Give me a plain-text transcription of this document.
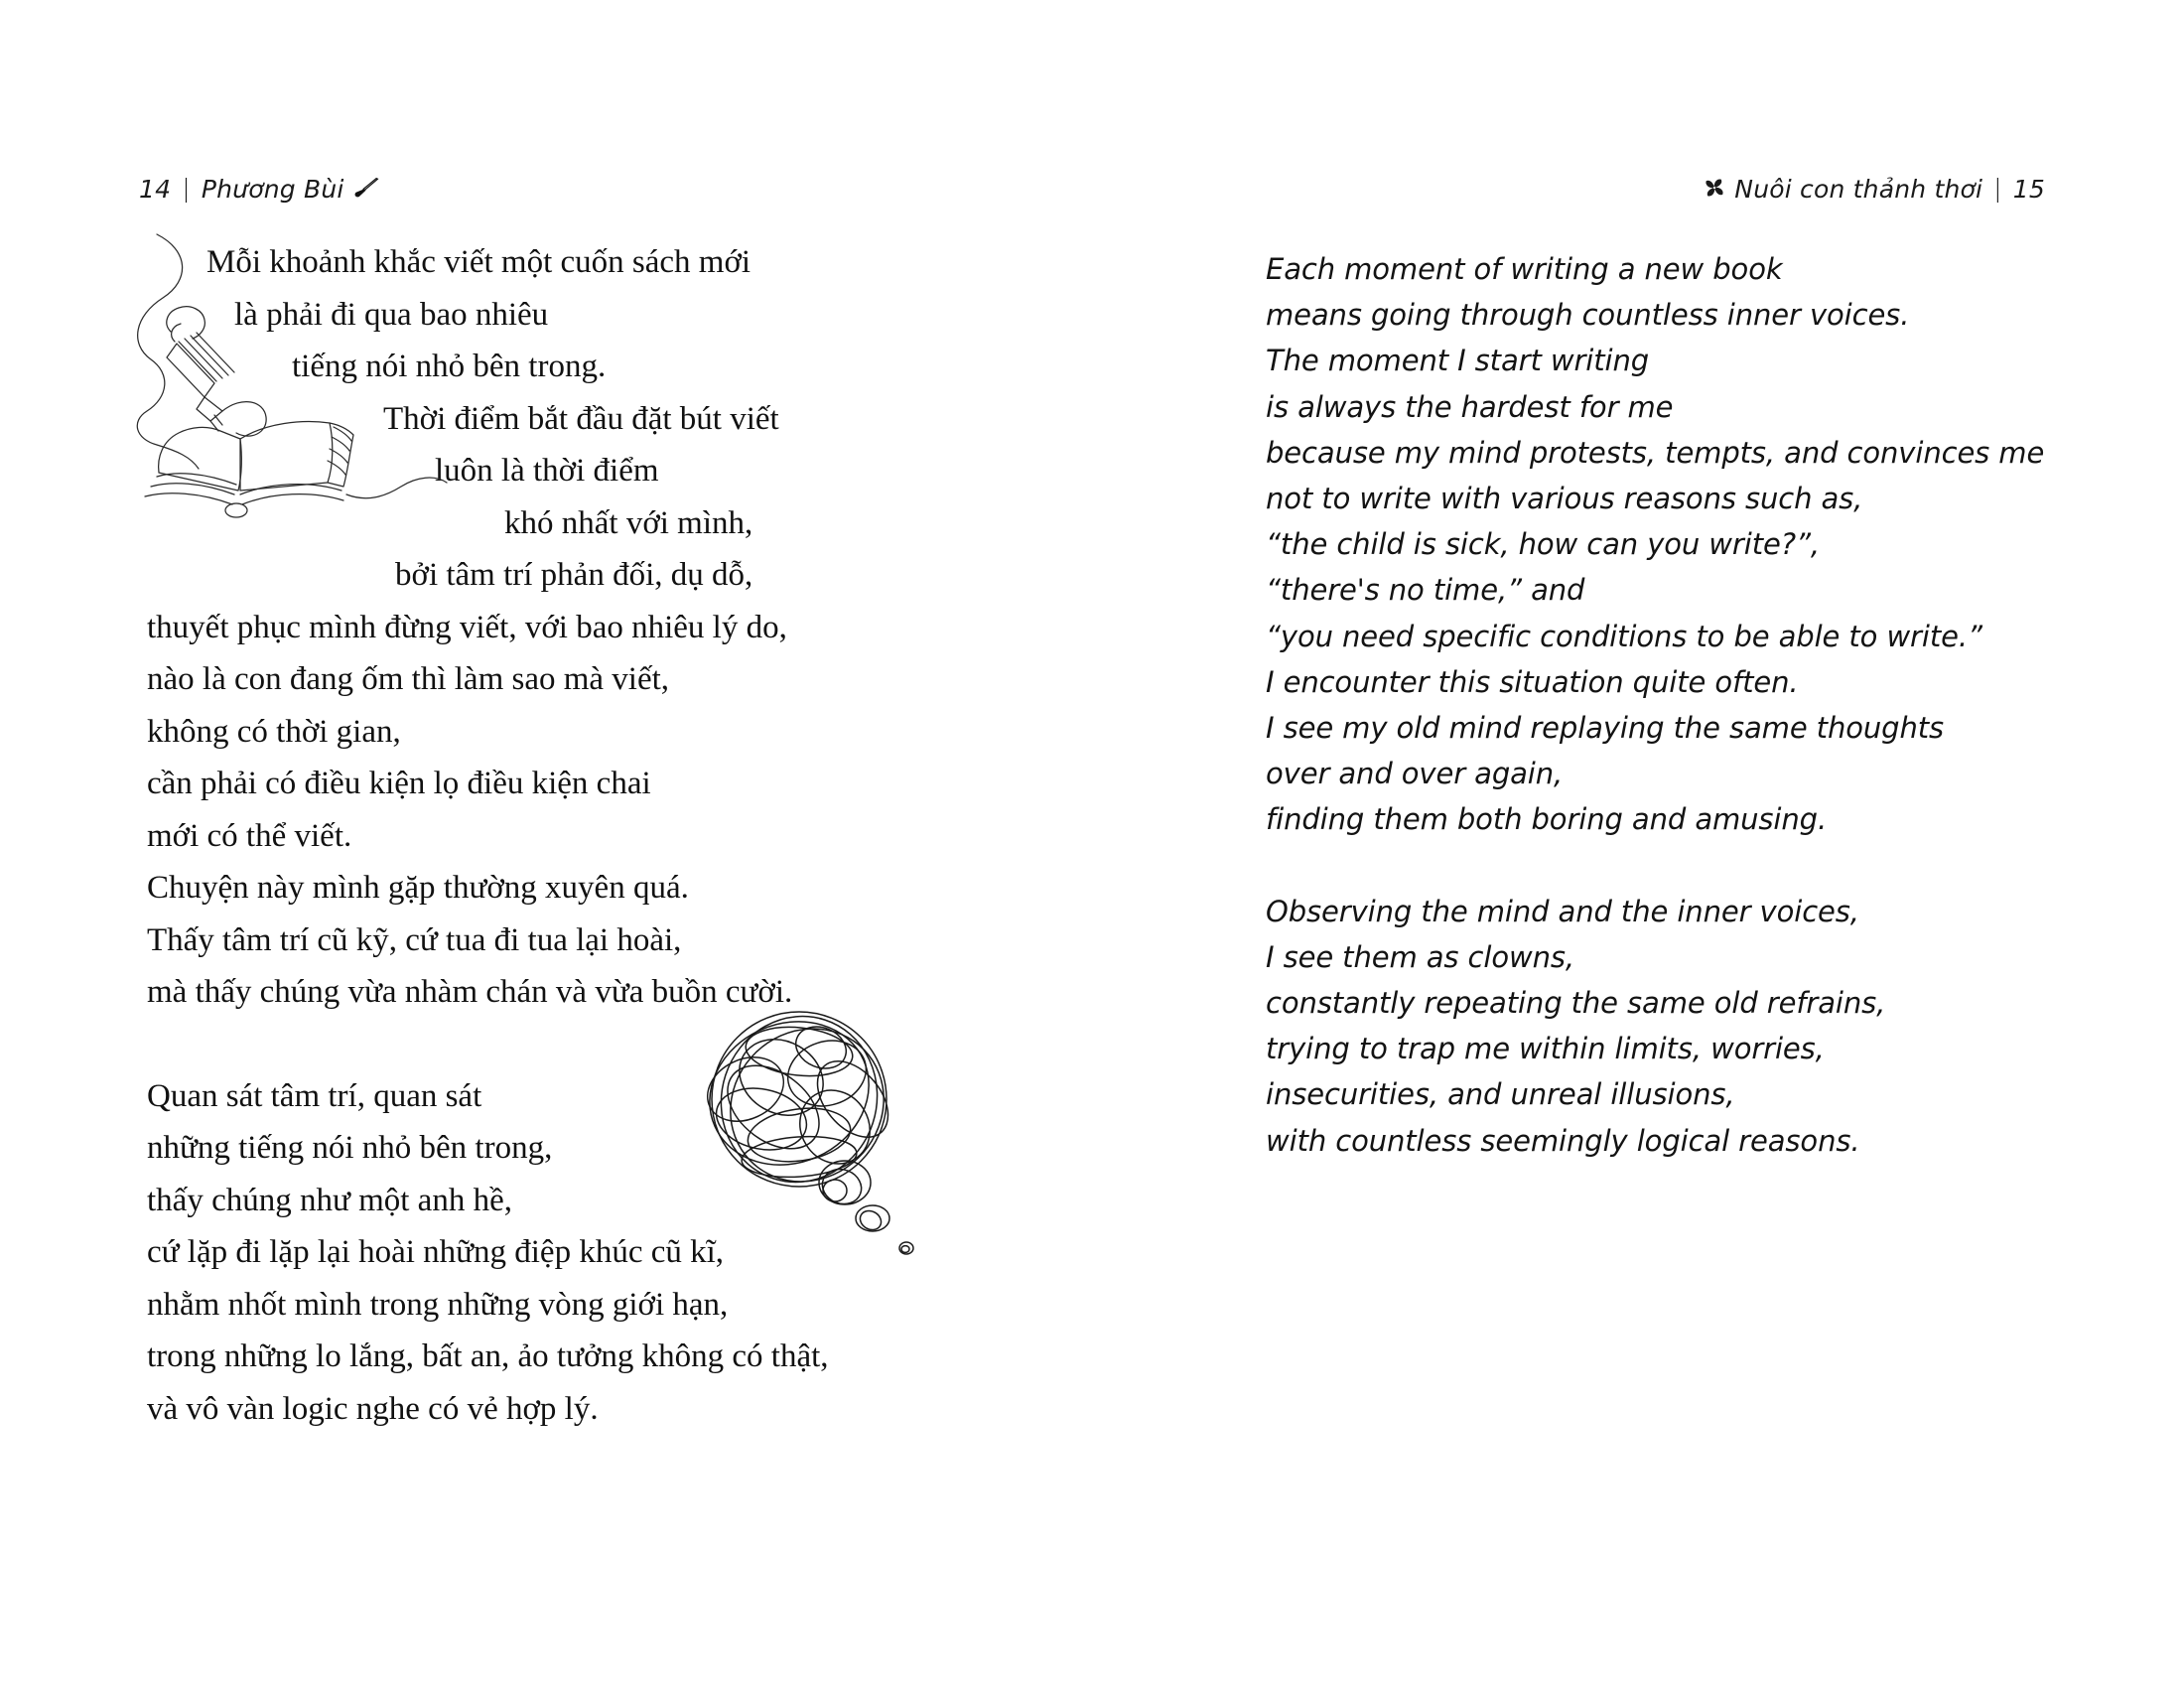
14 | Phương Bùi
Mỗi khoảnh khắc viết một cuốn sách mới
là phải đi qua bao nhiêu
tiếng nói nhỏ bên trong.
Thời điểm bắt đầu đặt bút viết
luôn là thời điểm
khó nhất với mình,
bởi tâm trí phản đối, dụ dỗ,
thuyết phục mình đừng viết, với bao nhiêu lý do,
nào là con đang ốm thì làm sao mà viết,
không có thời gian,
cần phải có điều kiện lọ điều kiện chai
mới có thể viết.
Chuyện này mình gặp thường xuyên quá.
Thấy tâm trí cũ kỹ, cứ tua đi tua lại hoài,
mà thấy chúng vừa nhàm chán và vừa buồn cười.
Quan sát tâm trí, quan sát
những tiếng nói nhỏ bên trong,
thấy chúng như một anh hề,
cứ lặp đi lặp lại hoài những điệp khúc cũ kĩ,
nhằm nhốt mình trong những vòng giới hạn,
trong những lo lắng, bất an, ảo tưởng không có thật,
và vô vàn logic nghe có vẻ hợp lý.
Nuôi con thảnh thơi | 15
Each moment of writing a new book
means going through countless inner voices.
The moment I start writing
is always the hardest for me
because my mind protests, tempts, and convinces me
not to write with various reasons such as,
“the child is sick, how can you write?”,
“there's no time,” and
“you need specific conditions to be able to write.”
I encounter this situation quite often.
I see my old mind replaying the same thoughts
over and over again,
finding them both boring and amusing.
Observing the mind and the inner voices,
I see them as clowns,
constantly repeating the same old refrains,
trying to trap me within limits, worries,
insecurities, and unreal illusions,
with countless seemingly logical reasons.
